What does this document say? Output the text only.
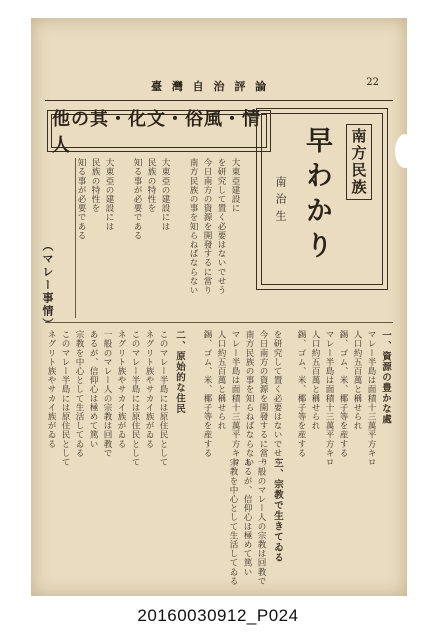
臺 灣 自 治 評 論	22
他の其・化文・俗風・情人	南方民族
早わかり
南治生
大東亞建設に
を研究して置く必要はないでせう
今日南方の資源を開發するに當り
南方民族の事を知らねばならない
大東亞の建設には
民族の特性を
知る事が必要である
大東亞の建設には
民族の特性を
知る事が必要である
（マレー事情）
一、資源の豊かな處
マレー半島は面積十三萬平方キロ
人口約五百萬と稱せられ
錫、ゴム、米、椰子等を産する
マレー半島は面積十三萬平方キロ
人口約五百萬と稱せられ
錫、ゴム、米、椰子等を産する
三、宗教で生きてゐる
一般のマレー人の宗教は回教で
あるが、信仰心は極めて篤い
宗教を中心として生活してゐる
を研究して置く必要はないでせう
今日南方の資源を開發するに當り
南方民族の事を知らねばならない
マレー半島は面積十三萬平方キロ
人口約五百萬と稱せられ
錫、ゴム、米、椰子等を産する
二、原始的な住民
このマレー半島には原住民として
ネグリト族やサカイ族がゐる
このマレー半島には原住民として
ネグリト族やサカイ族がゐる
一般のマレー人の宗教は回教で
あるが、信仰心は極めて篤い
宗教を中心として生活してゐる
このマレー半島には原住民として
ネグリト族やサカイ族がゐる
20160030912_P024
